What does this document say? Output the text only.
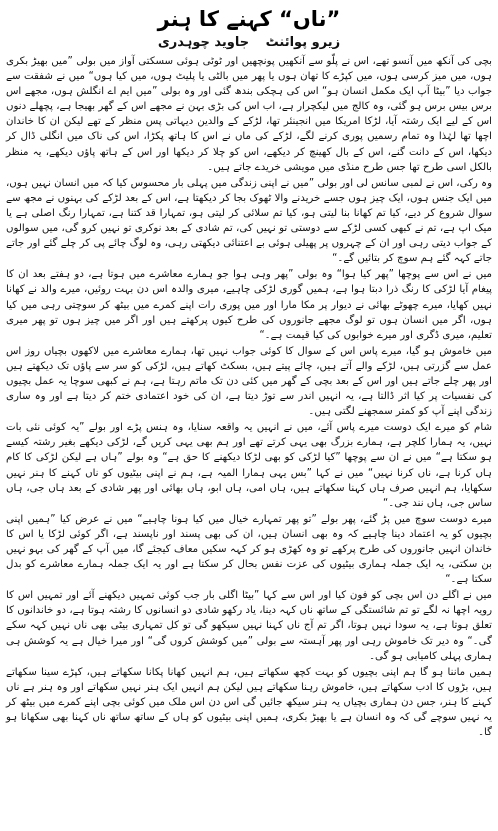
”ناں“ کہنے کا ہنر
زیرو پوائنٹ جاوید چوہدری

بچی کی آنکھ میں آنسو تھے، اس نے پلّو سے آنکھیں پونچھیں اور ٹوٹی ہوئی سسکتی آواز میں بولی ”میں بھیڑ بکری ہوں، میں میز کرسی ہوں، میں کپڑے کا تھان ہوں یا پھر میں بالٹی یا پلیٹ ہوں، میں کیا ہوں“ میں نے شفقت سے جواب دیا ”بیٹا آپ ایک مکمل انسان ہو“ اس کی ہچکی بندھ گئی اور وہ بولی ”میں ایم اے انگلش ہوں، مجھے اس برس بیس برس ہو گئی، وہ کالج میں لیکچرار ہے، اب اس کی بڑی بہن نے مجھے اس کے گھر بھیجا ہے، پچھلے دنوں اس کے لیے ایک رشتہ آیا، لڑکا امریکا میں انجینئر تھا، لڑکے کے والدین دیہاتی پس منظر کے تھے لیکن ان کا خاندان اچھا تھا لہٰذا وہ تمام رسمیں پوری کرنے لگے، لڑکے کی ماں نے اس کا ہاتھ پکڑا، اس کی ناک میں انگلی ڈال کر دیکھا، اس کے دانت گنے، اس کے بال کھینچ کر دیکھے، اس کو چلا کر دیکھا اور اس کے ہاتھ پاؤں دیکھے، یہ منظر بالکل اسی طرح تھا جس طرح منڈی میں مویشی خریدے جاتے ہیں۔

وہ رکی، اس نے لمبی سانس لی اور بولی ”میں نے اپنی زندگی میں پہلی بار محسوس کیا کہ میں انسان نہیں ہوں، میں ایک جنس ہوں، ایک چیز ہوں جسے خریدنے والا ٹھوک بجا کر دیکھتا ہے، اس کے بعد لڑکے کی بہنوں نے مجھ سے سوال شروع کر دیے، کیا تم کھانا بنا لیتی ہو، کیا تم سلائی کر لیتی ہو، تمہارا قد کتنا ہے، تمہارا رنگ اصلی ہے یا میک اپ ہے، تم نے کبھی کسی لڑکے سے دوستی تو نہیں کی، تم شادی کے بعد نوکری تو نہیں کرو گی، میں سوالوں کے جواب دیتی رہی اور ان کے چہروں پر پھیلی ہوئی بے اعتنائی دیکھتی رہی، وہ لوگ چائے پی کر چلے گئے اور جاتے جاتے کہہ گئے ہم سوچ کر بتائیں گے۔“

میں نے اس سے پوچھا ”پھر کیا ہوا“ وہ بولی ”پھر وہی ہوا جو ہمارے معاشرے میں ہوتا ہے، دو ہفتے بعد ان کا پیغام آیا لڑکی کا رنگ ذرا دبتا ہوا ہے، ہمیں گوری لڑکی چاہیے، میری والدہ اس دن بہت روئیں، میرے والد نے کھانا نہیں کھایا، میرے چھوٹے بھائی نے دیوار پر مکا مارا اور میں پوری رات اپنے کمرے میں بیٹھ کر سوچتی رہی میں کیا ہوں، اگر میں انسان ہوں تو لوگ مجھے جانوروں کی طرح کیوں پرکھتے ہیں اور اگر میں چیز ہوں تو پھر میری تعلیم، میری ڈگری اور میرے خوابوں کی کیا قیمت ہے۔“

میں خاموش ہو گیا، میرے پاس اس کے سوال کا کوئی جواب نہیں تھا، ہمارے معاشرے میں لاکھوں بچیاں روز اس عمل سے گزرتی ہیں، لڑکے والے آتے ہیں، چائے پیتے ہیں، بسکٹ کھاتے ہیں، لڑکی کو سر سے پاؤں تک دیکھتے ہیں اور پھر چلے جاتے ہیں اور اس کے بعد بچی کے گھر میں کئی دن تک ماتم رہتا ہے، ہم نے کبھی سوچا یہ عمل بچیوں کی نفسیات پر کیا اثر ڈالتا ہے، یہ انہیں اندر سے توڑ دیتا ہے، ان کی خود اعتمادی ختم کر دیتا ہے اور وہ ساری زندگی اپنے آپ کو کمتر سمجھنے لگتی ہیں۔

شام کو میرے ایک دوست میرے پاس آئے، میں نے انہیں یہ واقعہ سنایا، وہ ہنس پڑے اور بولے ”یہ کوئی نئی بات نہیں، یہ ہمارا کلچر ہے، ہمارے بزرگ بھی یہی کرتے تھے اور ہم بھی یہی کریں گے، لڑکی دیکھے بغیر رشتہ کیسے ہو سکتا ہے“ میں نے ان سے پوچھا ”کیا لڑکی کو بھی لڑکا دیکھنے کا حق ہے“ وہ بولے ”ہاں ہے لیکن لڑکی کا کام ہاں کرنا ہے، ناں کرنا نہیں“ میں نے کہا ”بس یہی ہمارا المیہ ہے، ہم نے اپنی بیٹیوں کو ناں کہنے کا ہنر نہیں سکھایا، ہم انہیں صرف ہاں کہنا سکھاتے ہیں، ہاں امی، ہاں ابو، ہاں بھائی اور پھر شادی کے بعد ہاں جی، ہاں ساس جی، ہاں نند جی۔“

میرے دوست سوچ میں پڑ گئے، پھر بولے ”تو پھر تمہارے خیال میں کیا ہونا چاہیے“ میں نے عرض کیا ”ہمیں اپنی بچیوں کو یہ اعتماد دینا چاہیے کہ وہ بھی انسان ہیں، ان کی بھی پسند اور ناپسند ہے، اگر کوئی لڑکا یا اس کا خاندان انہیں جانوروں کی طرح پرکھے تو وہ کھڑی ہو کر کہہ سکیں معاف کیجئے گا، میں آپ کے گھر کی بہو نہیں بن سکتی، یہ ایک جملہ ہماری بیٹیوں کی عزت نفس بحال کر سکتا ہے اور یہ ایک جملہ ہمارے معاشرے کو بدل سکتا ہے۔“

میں نے اگلے دن اس بچی کو فون کیا اور اس سے کہا ”بیٹا اگلی بار جب کوئی تمہیں دیکھنے آئے اور تمہیں اس کا رویہ اچھا نہ لگے تو تم شائستگی کے ساتھ ناں کہہ دینا، یاد رکھو شادی دو انسانوں کا رشتہ ہوتا ہے، دو خاندانوں کا تعلق ہوتا ہے، یہ سودا نہیں ہوتا، اگر تم آج ناں کہنا نہیں سیکھو گی تو کل تمہاری بیٹی بھی ناں نہیں کہہ سکے گی۔“ وہ دیر تک خاموش رہی اور پھر آہستہ سے بولی ”میں کوشش کروں گی“ اور میرا خیال ہے یہ کوشش ہی ہماری پہلی کامیابی ہو گی۔

ہمیں ماننا ہو گا ہم اپنی بچیوں کو بہت کچھ سکھاتے ہیں، ہم انہیں کھانا پکانا سکھاتے ہیں، کپڑے سینا سکھاتے ہیں، بڑوں کا ادب سکھاتے ہیں، خاموش رہنا سکھاتے ہیں لیکن ہم انہیں ایک ہنر نہیں سکھاتے اور وہ ہنر ہے ناں کہنے کا ہنر، جس دن ہماری بچیاں یہ ہنر سیکھ جائیں گی اس دن اس ملک میں کوئی بچی اپنے کمرے میں بیٹھ کر یہ نہیں سوچے گی کہ وہ انسان ہے یا بھیڑ بکری، ہمیں اپنی بیٹیوں کو ہاں کے ساتھ ساتھ ناں کہنا بھی سکھانا ہو گا۔
